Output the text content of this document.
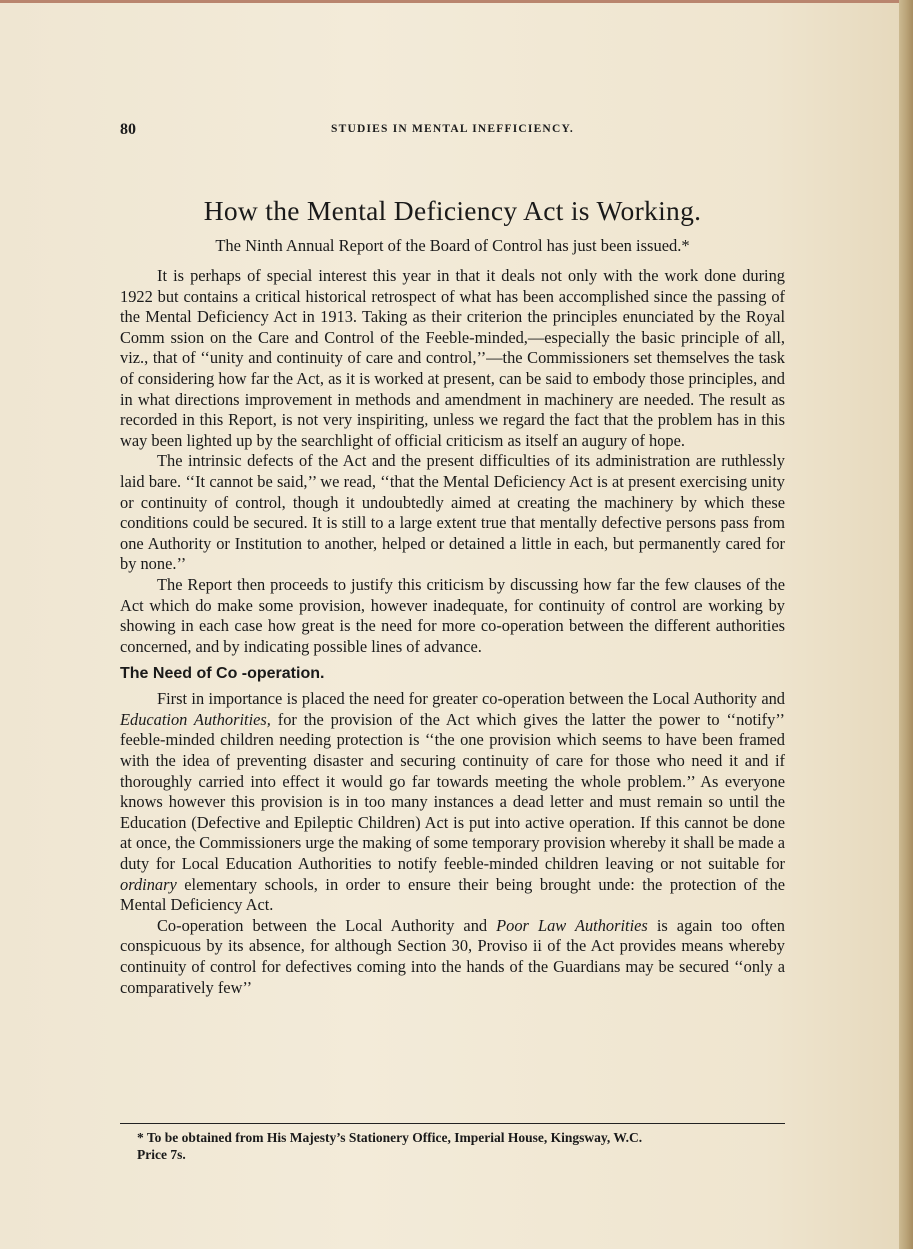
80	STUDIES IN MENTAL INEFFICIENCY.
How the Mental Deficiency Act is Working.
The Ninth Annual Report of the Board of Control has just been issued.*

It is perhaps of special interest this year in that it deals not only with the work done during 1922 but contains a critical historical retrospect of what has been accomplished since the passing of the Mental Deficiency Act in 1913. Taking as their criterion the principles enunciated by the Royal Comm ssion on the Care and Control of the Feeble-minded,—especially the basic principle of all, viz., that of ‘‘unity and continuity of care and control,’’—the Commissioners set themselves the task of considering how far the Act, as it is worked at present, can be said to embody those principles, and in what directions improvement in methods and amendment in machinery are needed. The result as recorded in this Report, is not very inspiriting, unless we regard the fact that the problem has in this way been lighted up by the searchlight of official criticism as itself an augury of hope.

The intrinsic defects of the Act and the present difficulties of its administration are ruthlessly laid bare. ‘‘It cannot be said,’’ we read, ‘‘that the Mental Deficiency Act is at present exercising unity or continuity of control, though it undoubtedly aimed at creating the machinery by which these conditions could be secured. It is still to a large extent true that mentally defective persons pass from one Authority or Institution to another, helped or detained a little in each, but permanently cared for by none.’’

The Report then proceeds to justify this criticism by discussing how far the few clauses of the Act which do make some provision, however inadequate, for continuity of control are working by showing in each case how great is the need for more co-operation between the different authorities concerned, and by indicating possible lines of advance.

The Need of Co -operation.

First in importance is placed the need for greater co-operation between the Local Authority and Education Authorities, for the provision of the Act which gives the latter the power to ‘‘notify’’ feeble-minded children needing protection is ‘‘the one provision which seems to have been framed with the idea of preventing disaster and securing continuity of care for those who need it and if thoroughly carried into effect it would go far towards meeting the whole problem.’’ As everyone knows however this provision is in too many instances a dead letter and must remain so until the Education (Defective and Epileptic Children) Act is put into active operation. If this cannot be done at once, the Commissioners urge the making of some temporary provision whereby it shall be made a duty for Local Education Authorities to notify feeble-minded children leaving or not suitable for ordinary elementary schools, in order to ensure their being brought unde: the protection of the Mental Deficiency Act.

Co-operation between the Local Authority and Poor Law Authorities is again too often conspicuous by its absence, for although Section 30, Proviso ii of the Act provides means whereby continuity of control for defectives coming into the hands of the Guardians may be secured ‘‘only a comparatively few’’

* To be obtained from His Majesty’s Stationery Office, Imperial House, Kingsway, W.C.
Price 7s.
